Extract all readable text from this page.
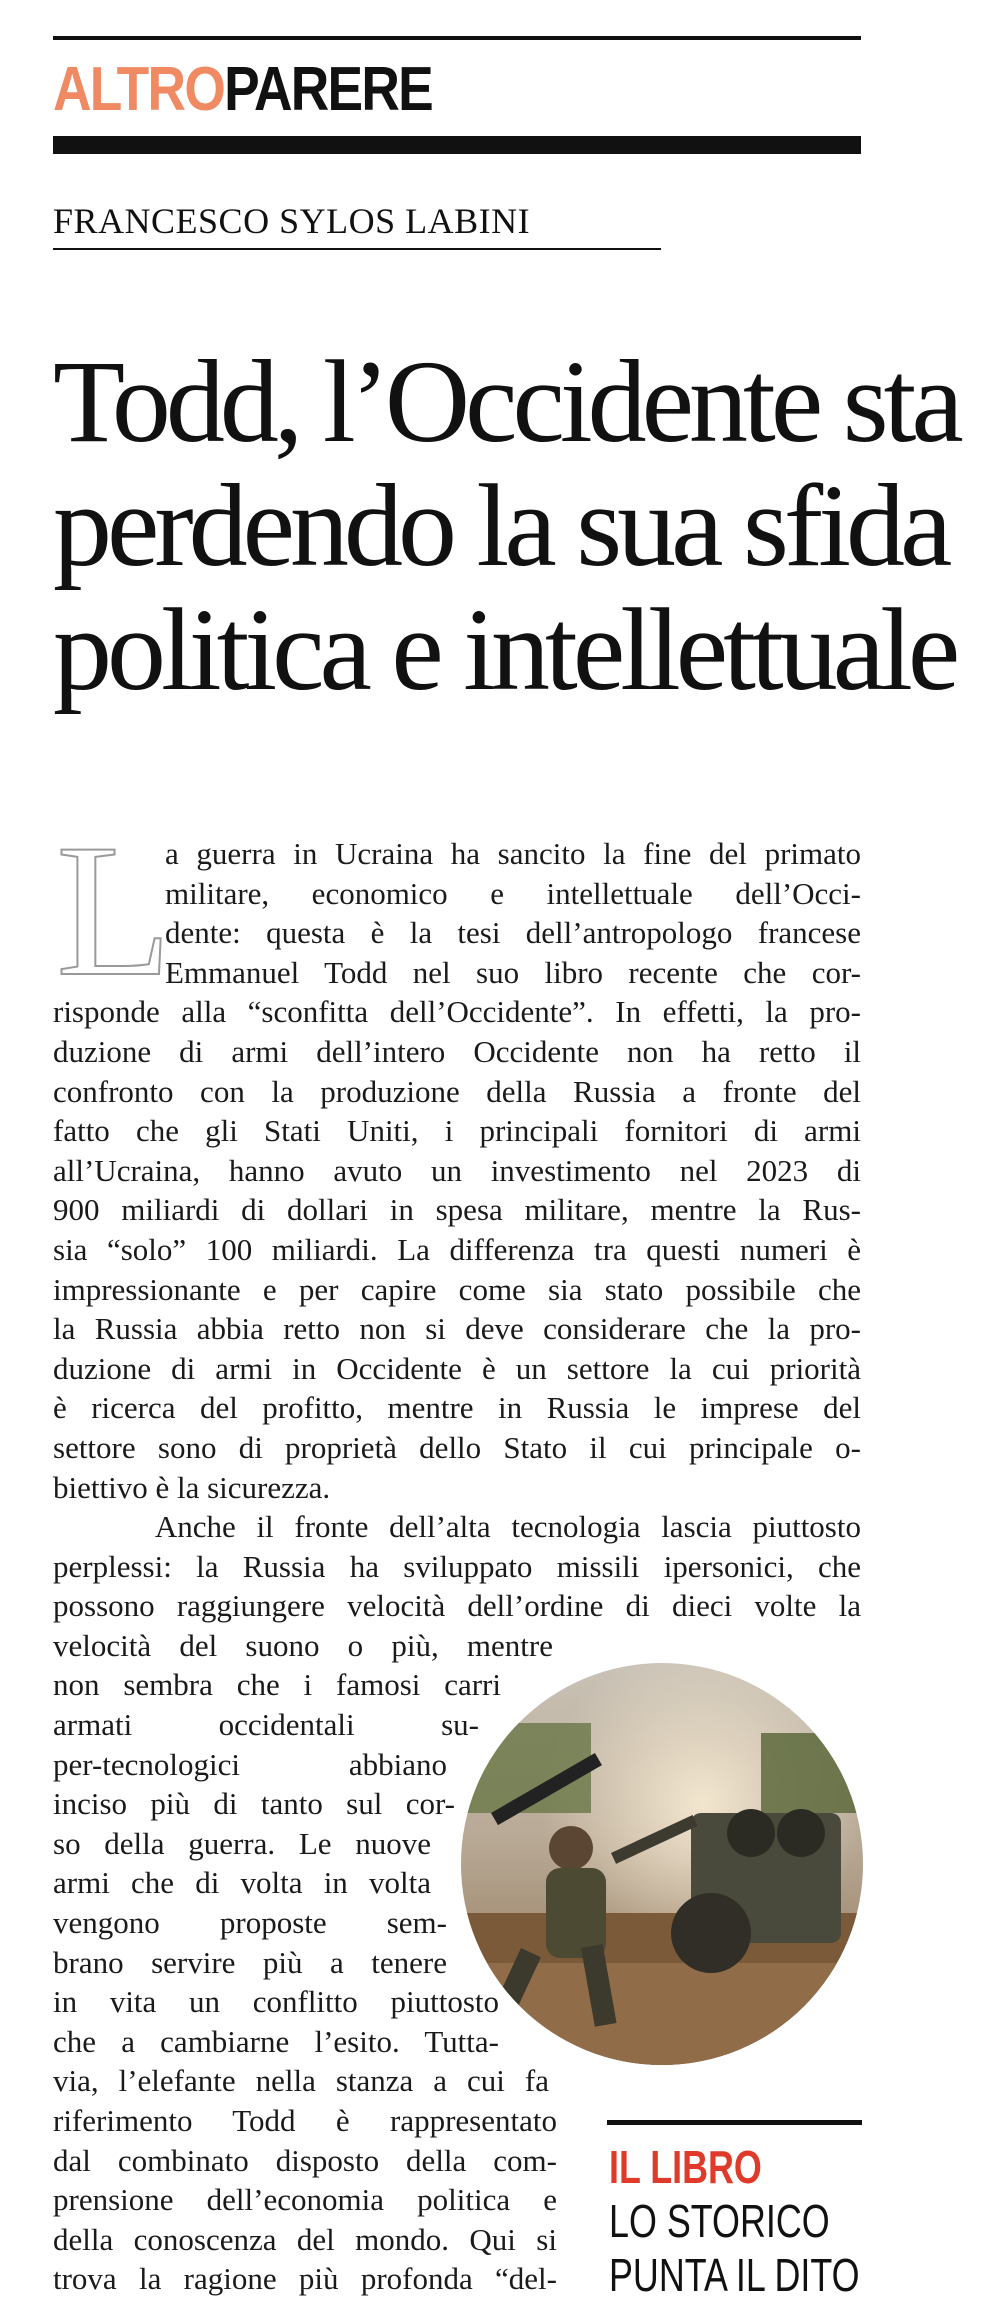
ALTROPARERE
FRANCESCO SYLOS LABINI
Todd, l’Occidente sta
perdendo la sua sfida
politica e intellettuale
L
a guerra in Ucraina ha sancito la fine del primato
militare, economico e intellettuale dell’Occi-
dente: questa è la tesi dell’antropologo francese
Emmanuel Todd nel suo libro recente che cor-
risponde alla “sconfitta dell’Occidente”. In effetti, la pro-
duzione di armi dell’intero Occidente non ha retto il
confronto con la produzione della Russia a fronte del
fatto che gli Stati Uniti, i principali fornitori di armi
all’Ucraina, hanno avuto un investimento nel 2023 di
900 miliardi di dollari in spesa militare, mentre la Rus-
sia “solo” 100 miliardi. La differenza tra questi numeri è
impressionante e per capire come sia stato possibile che
la Russia abbia retto non si deve considerare che la pro-
duzione di armi in Occidente è un settore la cui priorità
è ricerca del profitto, mentre in Russia le imprese del
settore sono di proprietà dello Stato il cui principale o-
biettivo è la sicurezza.
Anche il fronte dell’alta tecnologia lascia piuttosto
perplessi: la Russia ha sviluppato missili ipersonici, che
possono raggiungere velocità dell’ordine di dieci volte la
velocità del suono o più, mentre
non sembra che i famosi carri
armati occidentali su-
per-tecnologici abbiano
inciso più di tanto sul cor-
so della guerra. Le nuove
armi che di volta in volta
vengono proposte sem-
brano servire più a tenere
in vita un conflitto piuttosto
che a cambiarne l’esito. Tutta-
via, l’elefante nella stanza a cui fa
riferimento Todd è rappresentato
dal combinato disposto della com-
prensione dell’economia politica e
della conoscenza del mondo. Qui si
trova la ragione più profonda “del-
IL LIBRO
LO STORICO
PUNTA IL DITO
